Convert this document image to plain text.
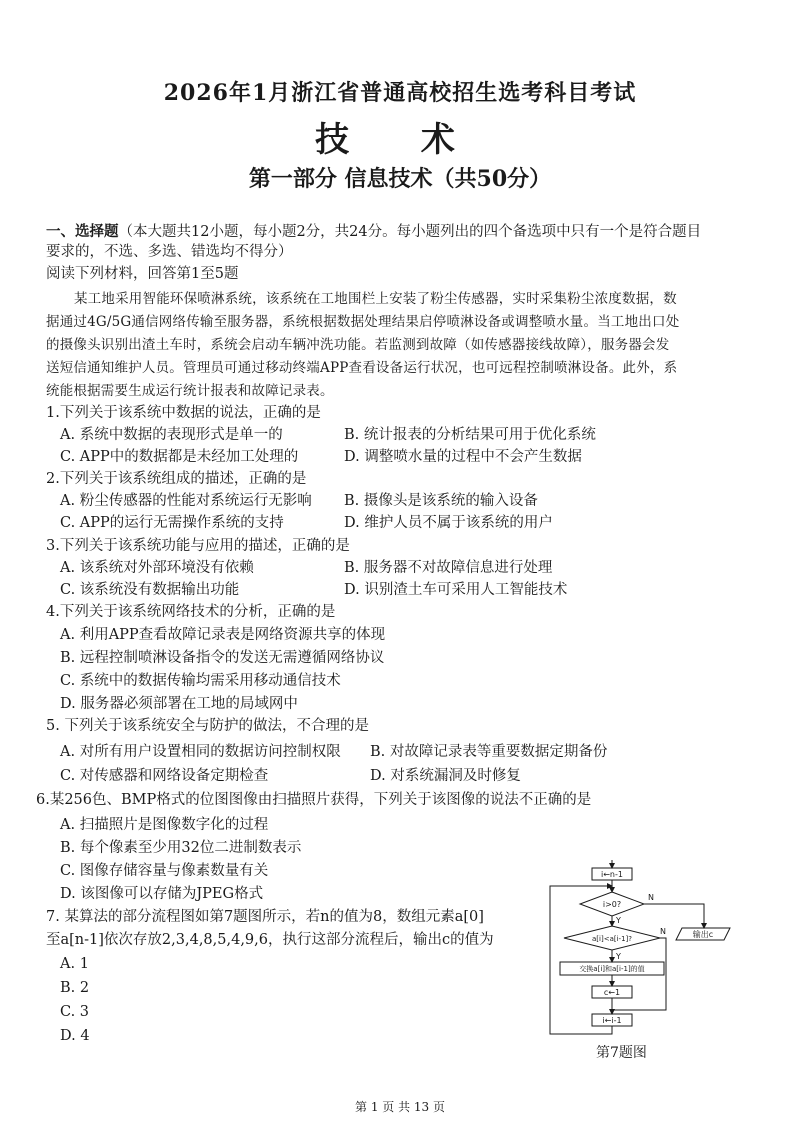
2026年1月浙江省普通高校招生选考科目考试
技 术
第一部分 信息技术（共50分）
一、选择题（本大题共12小题，每小题2分，共24分。每小题列出的四个备选项中只有一个是符合题目
要求的，不选、多选、错选均不得分）
阅读下列材料，回答第1至5题
某工地采用智能环保喷淋系统，该系统在工地围栏上安装了粉尘传感器，实时采集粉尘浓度数据，数
据通过4G/5G通信网络传输至服务器，系统根据数据处理结果启停喷淋设备或调整喷水量。当工地出口处
的摄像头识别出渣土车时，系统会启动车辆冲洗功能。若监测到故障（如传感器接线故障），服务器会发
送短信通知维护人员。管理员可通过移动终端APP查看设备运行状况，也可远程控制喷淋设备。此外，系
统能根据需要生成运行统计报表和故障记录表。
1.下列关于该系统中数据的说法，正确的是
A. 系统中数据的表现形式是单一的	B. 统计报表的分析结果可用于优化系统
C. APP中的数据都是未经加工处理的	D. 调整喷水量的过程中不会产生数据
2.下列关于该系统组成的描述，正确的是
A. 粉尘传感器的性能对系统运行无影响 B. 摄像头是该系统的输入设备
C. APP的运行无需操作系统的支持	D. 维护人员不属于该系统的用户
3.下列关于该系统功能与应用的描述，正确的是
A. 该系统对外部环境没有依赖	B. 服务器不对故障信息进行处理
C. 该系统没有数据输出功能	D. 识别渣土车可采用人工智能技术
4.下列关于该系统网络技术的分析，正确的是
A. 利用APP查看故障记录表是网络资源共享的体现
B. 远程控制喷淋设备指令的发送无需遵循网络协议
C. 系统中的数据传输均需采用移动通信技术
D. 服务器必须部署在工地的局域网中
5. 下列关于该系统安全与防护的做法，不合理的是
A. 对所有用户设置相同的数据访问控制权限 B. 对故障记录表等重要数据定期备份
C. 对传感器和网络设备定期检查	D. 对系统漏洞及时修复
6.某256色、BMP格式的位图图像由扫描照片获得，下列关于该图像的说法不正确的是
A. 扫描照片是图像数字化的过程
B. 每个像素至少用32位二进制数表示
C. 图像存储容量与像素数量有关
D. 该图像可以存储为JPEG格式
7. 某算法的部分流程图如第7题图所示，若n的值为8，数组元素a[0]
至a[n-1]依次存放2,3,4,8,5,4,9,6，执行这部分流程后，输出c的值为
A. 1
B. 2
C. 3
D. 4
i←n-1
i>0?
N
Y
输出c
a[i]<a[i-1]?
N
Y
交换a[i]和a[i-1]的值
c←1
i←i-1
第7题图
第 1 页 共 13 页
